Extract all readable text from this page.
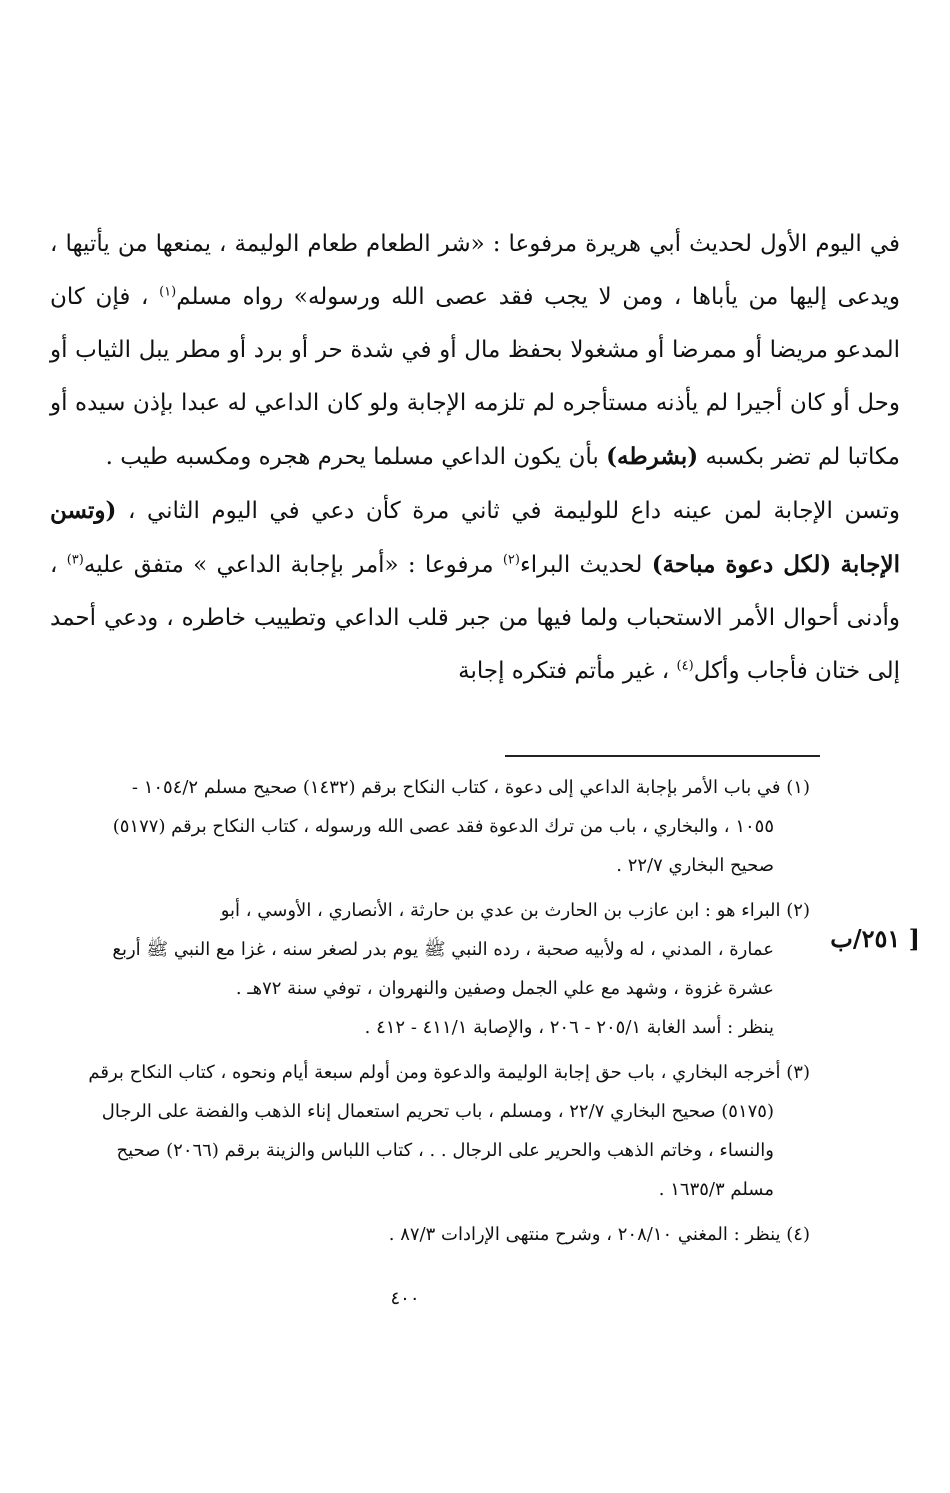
في اليوم الأول لحديث أبي هريرة مرفوعا : «شر الطعام طعام الوليمة ، يمنعها من يأتيها ، ويدعى إليها من يأباها ، ومن لا يجب فقد عصى الله ورسوله» رواه مسلم$^{(١)}$ ، فإن كان المدعو مريضا أو ممرضا أو مشغولا بحفظ مال أو في شدة حر أو برد أو مطر يبل الثياب أو وحل أو كان أجيرا لم يأذنه مستأجره لم تلزمه الإجابة ولو كان الداعي له عبدا بإذن سيده أو مكاتبا لم تضر بكسبه (بشرطه) بأن يكون الداعي مسلما يحرم هجره ومكسبه طيب .

وتسن الإجابة لمن عينه داع للوليمة في ثاني مرة كأن دعي في اليوم الثاني ، (وتسن الإجابة (لكل دعوة مباحة) لحديث البراء$^{(٢)}$ مرفوعا : «أمر بإجابة الداعي » متفق عليه$^{(٣)}$ ، وأدنى أحوال الأمر الاستحباب ولما فيها من جبر قلب الداعي وتطييب خاطره ، ودعي أحمد إلى ختان فأجاب وأكل$^{(٤)}$ ، غير مأتم فتكره إجابة

[ ٢٥١/ب
(١) في باب الأمر بإجابة الداعي إلى دعوة ، كتاب النكاح برقم (١٤٣٢) صحيح مسلم ١٠٥٤/٢ -
١٠٥٥ ، والبخاري ، باب من ترك الدعوة فقد عصى الله ورسوله ، كتاب النكاح برقم (٥١٧٧)
صحيح البخاري ٢٢/٧ .
(٢) البراء هو : ابن عازب بن الحارث بن عدي بن حارثة ، الأنصاري ، الأوسي ، أبو
عمارة ، المدني ، له ولأبيه صحبة ، رده النبي ﷺ يوم بدر لصغر سنه ، غزا مع النبي ﷺ أربع
عشرة غزوة ، وشهد مع علي الجمل وصفين والنهروان ، توفي سنة ٧٢هـ .
ينظر : أسد الغابة ٢٠٥/١ - ٢٠٦ ، والإصابة ٤١١/١ - ٤١٢ .
(٣) أخرجه البخاري ، باب حق إجابة الوليمة والدعوة ومن أولم سبعة أيام ونحوه ، كتاب النكاح برقم
(٥١٧٥) صحيح البخاري ٢٢/٧ ، ومسلم ، باب تحريم استعمال إناء الذهب والفضة على الرجال
والنساء ، وخاتم الذهب والحرير على الرجال . . ، كتاب اللباس والزينة برقم (٢٠٦٦) صحيح
مسلم ١٦٣٥/٣ .
(٤) ينظر : المغني ٢٠٨/١٠ ، وشرح منتهى الإرادات ٨٧/٣ .
٤٠٠
